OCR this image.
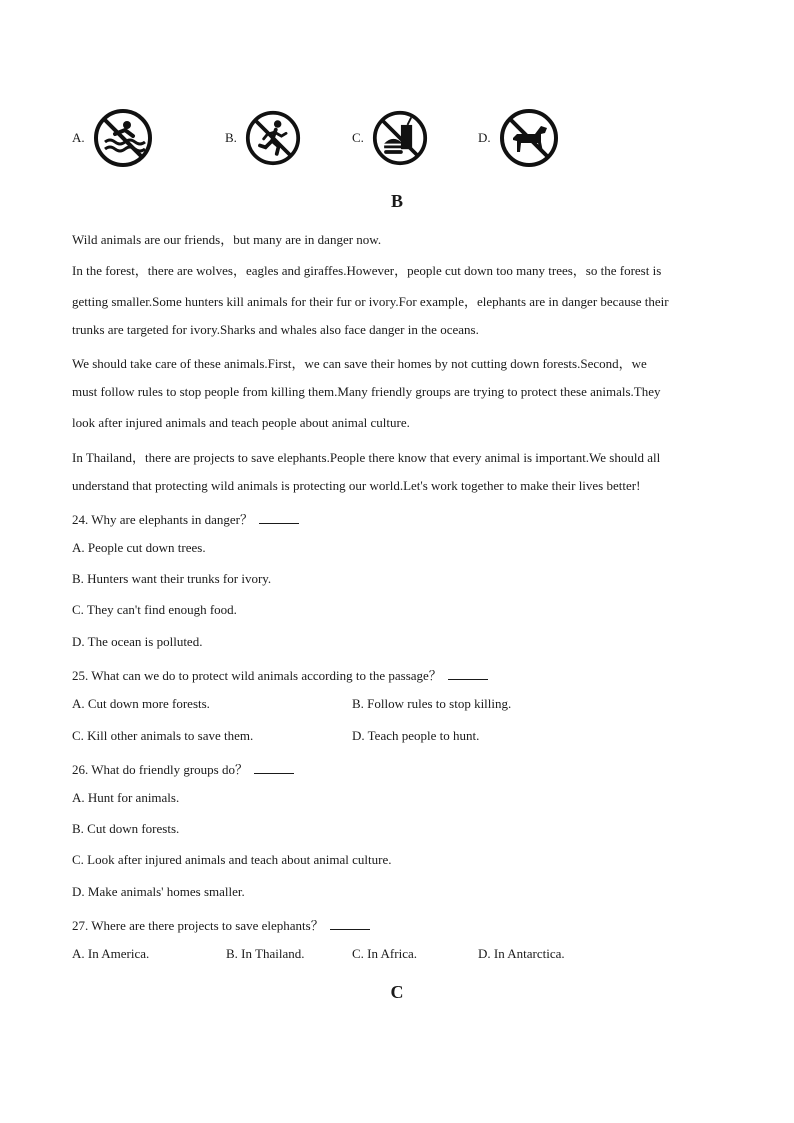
A.	B.	C.	D.
B
Wild animals are our friends，but many are in danger now.
In the forest，there are wolves，eagles and giraffes.However，people cut down too many trees，so the forest is
getting smaller.Some hunters kill animals for their fur or ivory.For example，elephants are in danger because their
trunks are targeted for ivory.Sharks and whales also face danger in the oceans.
We should take care of these animals.First，we can save their homes by not cutting down forests.Second，we
must follow rules to stop people from killing them.Many friendly groups are trying to protect these animals.They
look after injured animals and teach people about animal culture.
In Thailand，there are projects to save elephants.People there know that every animal is important.We should all
understand that protecting wild animals is protecting our world.Let's work together to make their lives better!
24. Why are elephants in danger？
A. People cut down trees.
B. Hunters want their trunks for ivory.
C. They can't find enough food.
D. The ocean is polluted.
25. What can we do to protect wild animals according to the passage？
A. Cut down more forests.	B. Follow rules to stop killing.
C. Kill other animals to save them.	D. Teach people to hunt.
26. What do friendly groups do？
A. Hunt for animals.
B. Cut down forests.
C. Look after injured animals and teach about animal culture.
D. Make animals' homes smaller.
27. Where are there projects to save elephants？
A. In America.	B. In Thailand.	C. In Africa.	D. In Antarctica.
C
